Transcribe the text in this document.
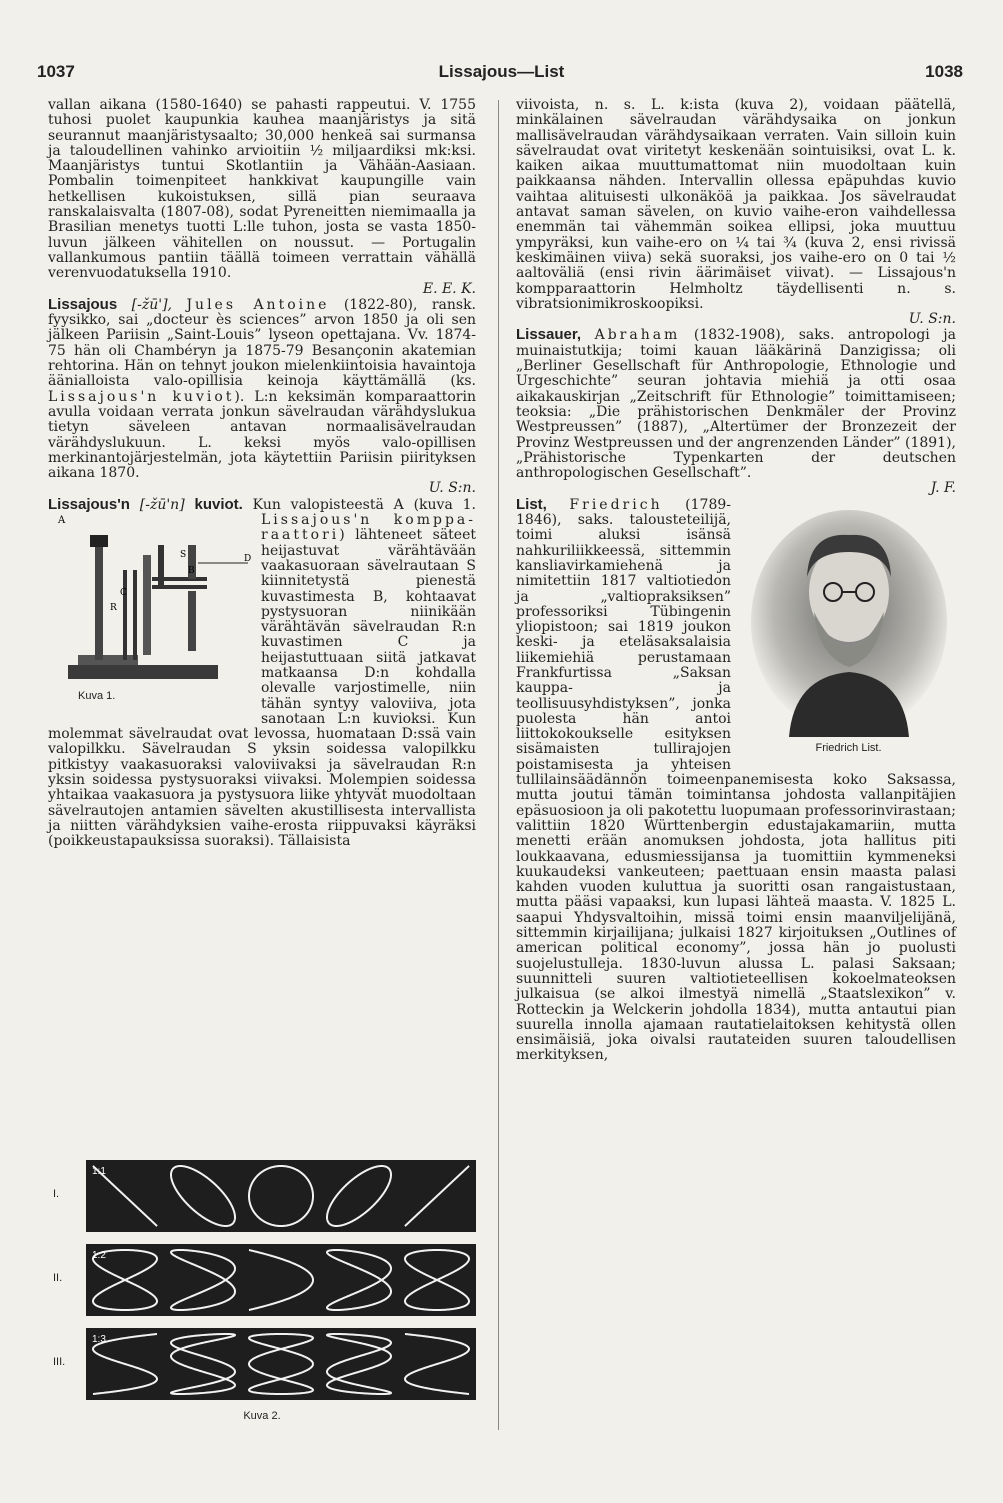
1037	Lissajous—List	1038

vallan aikana (1580-1640) se pahasti rappeutui. V. 1755 tuhosi puolet kaupunkia kauhea maanjäristys ja sitä seurannut maanjäristysaalto; 30,000 henkeä sai surmansa ja taloudellinen vahinko arvioitiin ½ miljaardiksi mk:ksi. Maanjäristys tuntui Skotlantiin ja Vähään-Aasiaan. Pombalin toimenpiteet hankkivat kaupungille vain hetkellisen kukoistuksen, sillä pian seuraava ranskalaisvalta (1807-08), sodat Pyreneitten niemimaalla ja Brasilian menetys tuotti L:lle tuhon, josta se vasta 1850-luvun jälkeen vähitellen on noussut. — Portugalin vallankumous pantiin täällä toimeen verrattain vähällä verenvuodatuksella 1910.
E. E. K.

Lissajous [-žū'], Jules Antoine (1822-80), ransk. fyysikko, sai „docteur ès sciences” arvon 1850 ja oli sen jälkeen Pariisin „Saint-Louis” lyseon opettajana. Vv. 1874-75 hän oli Chambéryn ja 1875-79 Besançonin akatemian rehtorina. Hän on tehnyt joukon mielenkiintoisia havaintoja äänialloista valo-opillisia keinoja käyttämällä (ks. Lissajous'n kuviot). L:n keksimän komparaattorin avulla voidaan verrata jonkun sävelraudan värähdyslukua tietyn säveleen antavan normaalisävelraudan värähdyslukuun. L. keksi myös valo-opillisen merkinantojärjestelmän, jota käytettiin Pariisin piirityksen aikana 1870.
U. S:n.

Lissajous'n [-žū'n] kuviot. Kun valopisteestä A (kuva 1.
A
B
C
D
R
S
Kuva 1.
Lissajous'n komppa-raattori) lähteneet säteet heijastuvat värähtävään vaakasuoraan sävelrautaan S kiinnitetystä pienestä kuvastimesta B, kohtaavat pystysuoran niinikään värähtävän sävelraudan R:n kuvastimen C ja heijastuttuaan siitä jatkavat matkaansa D:n kohdalla olevalle varjostimelle, niin tähän syntyy valoviiva, jota sanotaan L:n kuvioksi. Kun molemmat sävelraudat ovat levossa, huomataan D:ssä vain valopilkku. Sävelraudan S yksin soidessa valopilkku pitkistyy vaakasuoraksi valoviivaksi ja sävelraudan R:n yksin soidessa pystysuoraksi viivaksi. Molempien soidessa yhtaikaa vaakasuora ja pystysuora liike yhtyvät muodoltaan sävelrautojen antamien sävelten akustillisesta intervallista ja niitten värähdyksien vaihe-erosta riippuvaksi käyräksi (poikkeustapauksissa suoraksi). Tällaisista

I.
1:1
II.
1:2
III.
1:3
Kuva 2.

viivoista, n. s. L. k:ista (kuva 2), voidaan päätellä, minkälainen sävelraudan värähdysaika on jonkun mallisävelraudan värähdysaikaan verraten. Vain silloin kuin sävelraudat ovat viritetyt keskenään sointuisiksi, ovat L. k. kaiken aikaa muuttumattomat niin muodoltaan kuin paikkaansa nähden. Intervallin ollessa epäpuhdas kuvio vaihtaa alituisesti ulkonäköä ja paikkaa. Jos sävelraudat antavat saman sävelen, on kuvio vaihe-eron vaihdellessa enemmän tai vähemmän soikea ellipsi, joka muuttuu ympyräksi, kun vaihe-ero on ¼ tai ¾ (kuva 2, ensi rivissä keskimäinen viiva) sekä suoraksi, jos vaihe-ero on 0 tai ½ aaltoväliä (ensi rivin äärimäiset viivat). — Lissajous'n kompparaattorin Helmholtz täydellisenti n. s. vibratsionimikroskoopiksi.
U. S:n.

Lissauer, Abraham (1832-1908), saks. antropologi ja muinaistutkija; toimi kauan lääkärinä Danzigissa; oli „Berliner Gesellschaft für Anthropologie, Ethnologie und Urgeschichte” seuran johtavia miehiä ja otti osaa aikakauskirjan „Zeitschrift für Ethnologie” toimittamiseen; teoksia: „Die prähistorischen Denkmäler der Provinz Westpreussen” (1887), „Altertümer der Bronzezeit der Provinz Westpreussen und der angrenzenden Länder” (1891), „Prähistorische Typenkarten der deutschen anthropologischen Gesellschaft”.
J. F.

List, Friedrich
Friedrich List.
(1789-1846), saks. talousteteilijä, toimi aluksi isänsä nahkuriliikkeessä, sittemmin kansliavirkamiehenä ja nimitettiin 1817 valtiotiedon ja „valtiopraksiksen” professoriksi Tübingenin yliopistoon; sai 1819 joukon keski- ja eteläsaksalaisia liikemiehiä perustamaan Frankfurtissa „Saksan kauppa- ja teollisuusyhdistyksen”, jonka puolesta hän antoi liittokokoukselle esityksen sisämaisten tullirajojen poistamisesta ja yhteisen tullilainsäädännön toimeenpanemisesta koko Saksassa, mutta joutui tämän toimintansa johdosta vallanpitäjien epäsuosioon ja oli pakotettu luopumaan professorinvirastaan; valittiin 1820 Württenbergin edustajakamariin, mutta menetti erään anomuksen johdosta, jota hallitus piti loukkaavana, edusmiessijansa ja tuomittiin kymmeneksi kuukaudeksi vankeuteen; paettuaan ensin maasta palasi kahden vuoden kuluttua ja suoritti osan rangaistustaan, mutta pääsi vapaaksi, kun lupasi lähteä maasta. V. 1825 L. saapui Yhdysvaltoihin, missä toimi ensin maanviljelijänä, sittemmin kirjailijana; julkaisi 1827 kirjoituksen „Outlines of american political economy”, jossa hän jo puolusti suojelustulleja. 1830-luvun alussa L. palasi Saksaan; suunnitteli suuren valtiotieteellisen kokoelmateoksen julkaisua (se alkoi ilmestyä nimellä „Staatslexikon” v. Rotteckin ja Welckerin johdolla 1834), mutta antautui pian suurella innolla ajamaan rautatielaitoksen kehitystä ollen ensimäisiä, joka oivalsi rautateiden suuren taloudellisen merkityksen,
